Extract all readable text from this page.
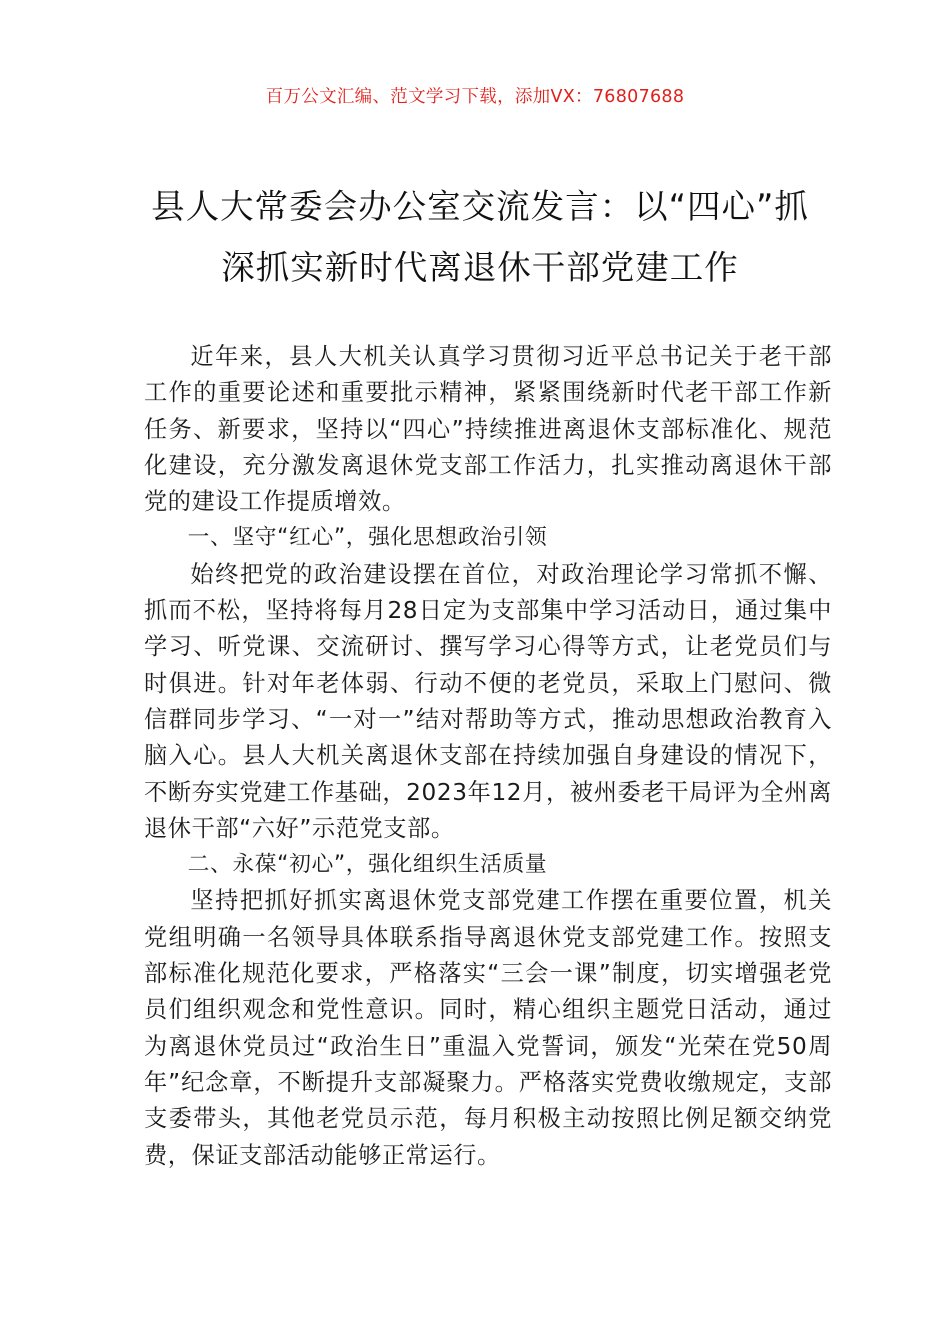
百万公文汇编、范文学习下载，添加VX：76807688
县人大常委会办公室交流发言：以“四心”抓深抓实新时代离退休干部党建工作

近年来，县人大机关认真学习贯彻习近平总书记关于老干部工作的重要论述和重要批示精神，紧紧围绕新时代老干部工作新任务、新要求，坚持以“四心”持续推进离退休支部标准化、规范化建设，充分激发离退休党支部工作活力，扎实推动离退休干部党的建设工作提质增效。

一、坚守“红心”，强化思想政治引领

始终把党的政治建设摆在首位，对政治理论学习常抓不懈、抓而不松，坚持将每月28日定为支部集中学习活动日，通过集中学习、听党课、交流研讨、撰写学习心得等方式，让老党员们与时俱进。针对年老体弱、行动不便的老党员，采取上门慰问、微信群同步学习、“一对一”结对帮助等方式，推动思想政治教育入脑入心。县人大机关离退休支部在持续加强自身建设的情况下，不断夯实党建工作基础，2023年12月，被州委老干局评为全州离退休干部“六好”示范党支部。

二、永葆“初心”，强化组织生活质量

坚持把抓好抓实离退休党支部党建工作摆在重要位置，机关党组明确一名领导具体联系指导离退休党支部党建工作。按照支部标准化规范化要求，严格落实“三会一课”制度，切实增强老党员们组织观念和党性意识。同时，精心组织主题党日活动，通过为离退休党员过“政治生日”重温入党誓词，颁发“光荣在党50周年”纪念章，不断提升支部凝聚力。严格落实党费收缴规定，支部支委带头，其他老党员示范，每月积极主动按照比例足额交纳党费，保证支部活动能够正常运行。
